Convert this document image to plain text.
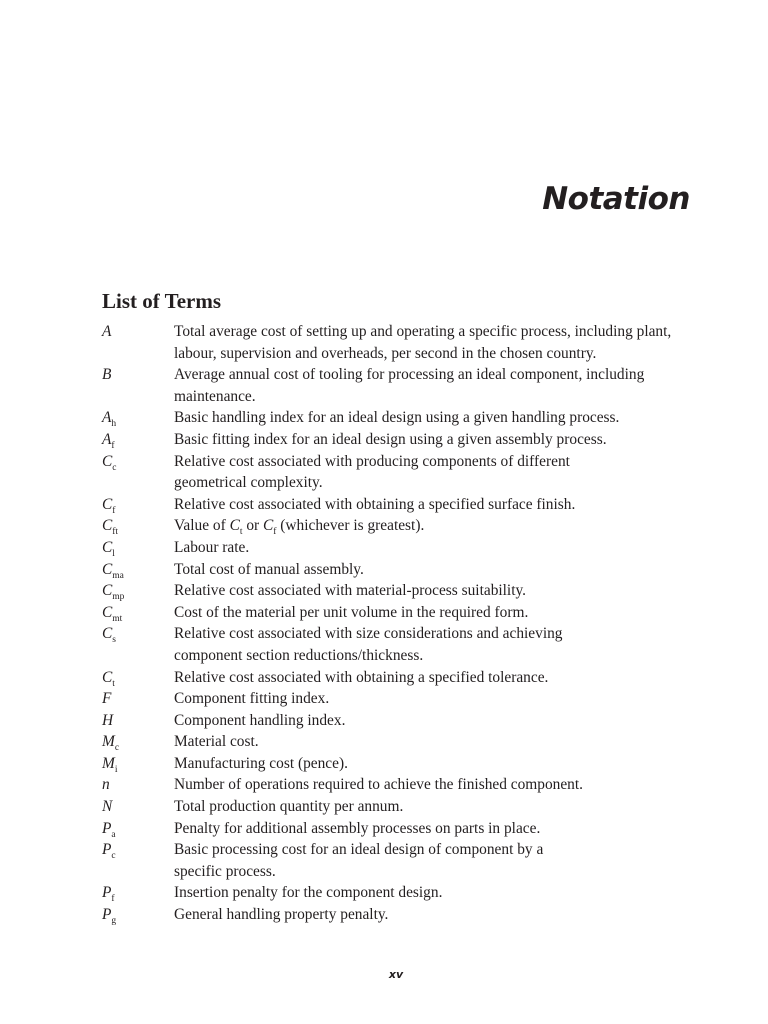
Notation
List of Terms
A	Total average cost of setting up and operating a specific process, including plant, labour, supervision and overheads, per second in the chosen country.
B	Average annual cost of tooling for processing an ideal component, including maintenance.
$A_h$	Basic handling index for an ideal design using a given handling process.
$A_f$	Basic fitting index for an ideal design using a given assembly process.
$C_c$	Relative cost associated with producing components of different geometrical complexity.
$C_f$	Relative cost associated with obtaining a specified surface finish.
$C_{ft}$	Value of $C_t$ or $C_f$ (whichever is greatest).
$C_l$	Labour rate.
$C_{ma}$	Total cost of manual assembly.
$C_{mp}$	Relative cost associated with material-process suitability.
$C_{mt}$	Cost of the material per unit volume in the required form.
$C_s$	Relative cost associated with size considerations and achieving component section reductions/thickness.
$C_t$	Relative cost associated with obtaining a specified tolerance.
F	Component fitting index.
H	Component handling index.
$M_c$	Material cost.
$M_i$	Manufacturing cost (pence).
n	Number of operations required to achieve the finished component.
N	Total production quantity per annum.
$P_a$	Penalty for additional assembly processes on parts in place.
$P_c$	Basic processing cost for an ideal design of component by a specific process.
$P_f$	Insertion penalty for the component design.
$P_g$	General handling property penalty.
xv
